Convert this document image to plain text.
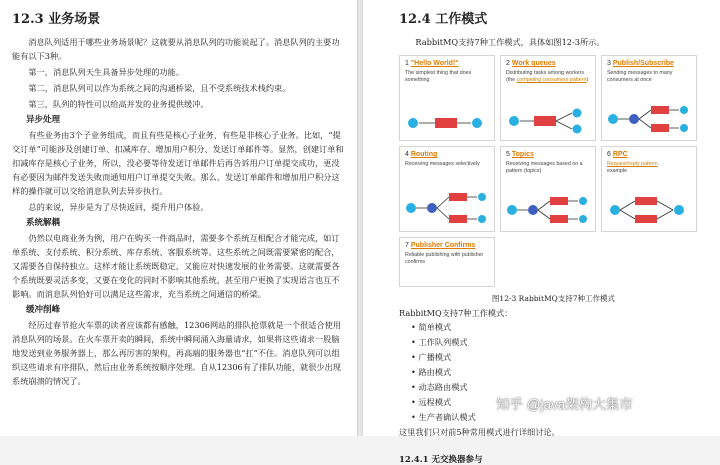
12.3 业务场景

消息队列适用于哪些业务场景呢？这就要从消息队列的功能说起了。消息队列的主要功能有以下3种。

第一，消息队列天生具备异步处理的功能。

第二，消息队列可以作为系统之间的沟通桥梁，且不受系统技术栈约束。

第三，队列的特性可以给高并发的业务提供缓冲。

异步处理

有些业务由3个子业务组成，而且有些是核心子业务，有些是非核心子业务。比如，“提交订单”可能涉及创建订单、扣减库存、增加用户积分、发送订单邮件等。显然，创建订单和扣减库存是核心子业务，所以，没必要等待发送订单邮件后再告诉用户订单提交成功，更没有必要因为邮件发送失败而通知用户订单提交失败。那么，发送订单邮件和增加用户积分这样的操作就可以交给消息队列去异步执行。

总的来说，异步是为了尽快返回，提升用户体验。

系统解耦

仍然以电商业务为例，用户在购买一件商品时，需要多个系统互相配合才能完成，如订单系统、支付系统、积分系统、库存系统、客服系统等。这些系统之间既需要紧密的配合，又需要各自保持独立。这样才能让系统既稳定，又能应对快速发展的业务需要。这就需要各个系统既要灵活多变，又要在变化的同时不影响其他系统，甚至用户更换了实现语言也互不影响。而消息队列恰好可以满足这些需求，充当系统之间通信的桥梁。

缓冲削峰

经历过春节抢火车票的读者应该都有感触，12306网站的排队抢票就是一个很适合使用消息队列的场景。在火车票开卖的瞬间，系统中瞬间涌入海量请求，如果将这些请求一股脑地发送到业务服务器上，那么再厉害的架构，再高端的服务器也“扛”不住。消息队列可以组织这些请求有序排队，然后由业务系统按顺序处理。自从12306有了排队功能，就很少出现系统崩溃的情况了。

12.4 工作模式

RabbitMQ支持7种工作模式，具体如图12-3所示。

1 "Hello World!"
The simplest thing that does something
2 Work queues
Distributing tasks among workers (the competing consumers pattern)
3 Publish/Subscribe
Sending messages to many consumers at once
4 Routing
Receiving messages selectively
5 Topics
Receiving messages based on a pattern (topics)
6 RPC
Request/reply pattern
example
7 Publisher Confirms
Reliable publishing with publisher confirms
图12-3 RabbitMQ支持7种工作模式

RabbitMQ支持7种工作模式：

• 简单模式
• 工作队列模式
• 广播模式
• 路由模式
• 动态路由模式
• 远程模式
• 生产者确认模式

这里我们只对前5种常用模式进行详细讨论。

12.4.1 无交换器参与
知乎 @java架构大集市
